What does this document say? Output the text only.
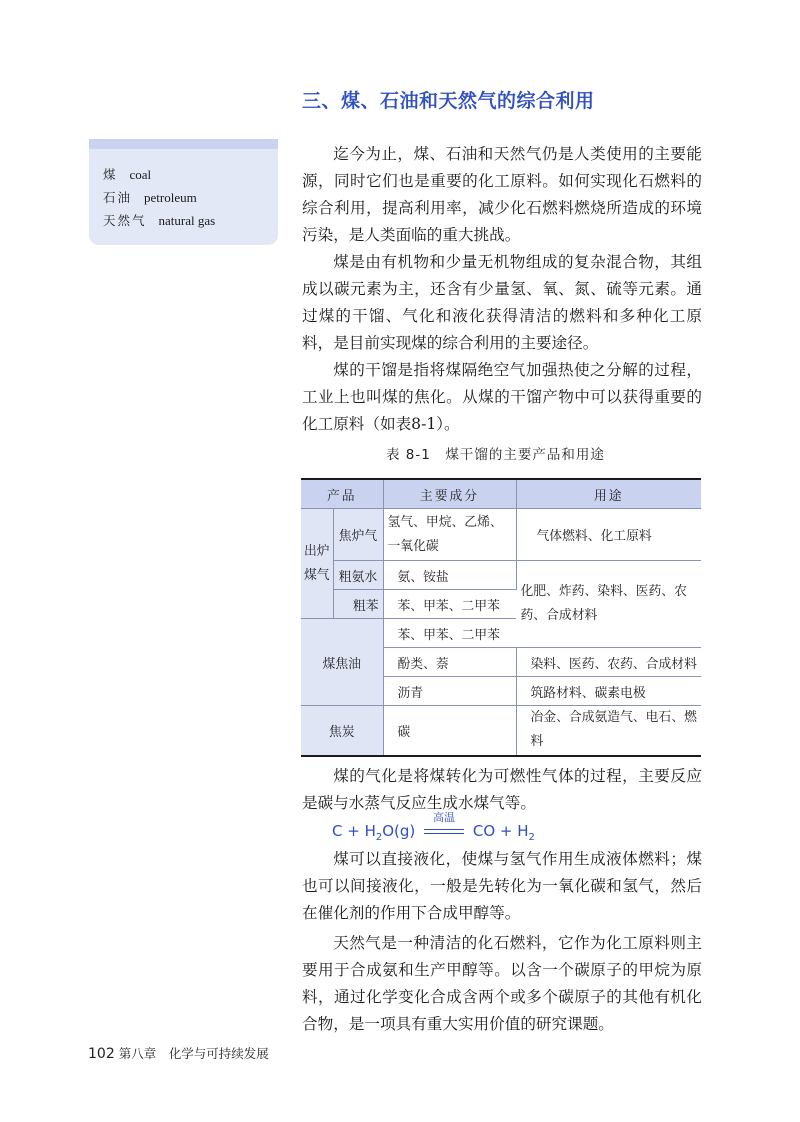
三、煤、石油和天然气的综合利用
煤 coal
石油 petroleum
天然气 natural gas

迄今为止，煤、石油和天然气仍是人类使用的主要能源，同时它们也是重要的化工原料。如何实现化石燃料的综合利用，提高利用率，减少化石燃料燃烧所造成的环境污染，是人类面临的重大挑战。

煤是由有机物和少量无机物组成的复杂混合物，其组成以碳元素为主，还含有少量氢、氧、氮、硫等元素。通过煤的干馏、气化和液化获得清洁的燃料和多种化工原料，是目前实现煤的综合利用的主要途径。

煤的干馏是指将煤隔绝空气加强热使之分解的过程，工业上也叫煤的焦化。从煤的干馏产物中可以获得重要的化工原料（如表8-1）。

表 8-1　煤干馏的主要产品和用途
产品		主要成分	用途
出炉煤气	焦炉气	氢气、甲烷、乙烯、一氧化碳	气体燃料、化工原料
	粗氨水	氨、铵盐	化肥、炸药、染料、医药、农药、合成材料
	粗苯	苯、甲苯、二甲苯	
煤焦油		苯、甲苯、二甲苯	
		酚类、萘	染料、医药、农药、合成材料
		沥青	筑路材料、碳素电极
焦炭		碳	冶金、合成氨造气、电石、燃料

煤的气化是将煤转化为可燃性气体的过程，主要反应是碳与水蒸气反应生成水煤气等。

$C + H_2O(g)$
高温
CO + $H_2$

煤可以直接液化，使煤与氢气作用生成液体燃料；煤也可以间接液化，一般是先转化为一氧化碳和氢气，然后在催化剂的作用下合成甲醇等。

天然气是一种清洁的化石燃料，它作为化工原料则主要用于合成氨和生产甲醇等。以含一个碳原子的甲烷为原料，通过化学变化合成含两个或多个碳原子的其他有机化合物，是一项具有重大实用价值的研究课题。

102 第八章　化学与可持续发展
